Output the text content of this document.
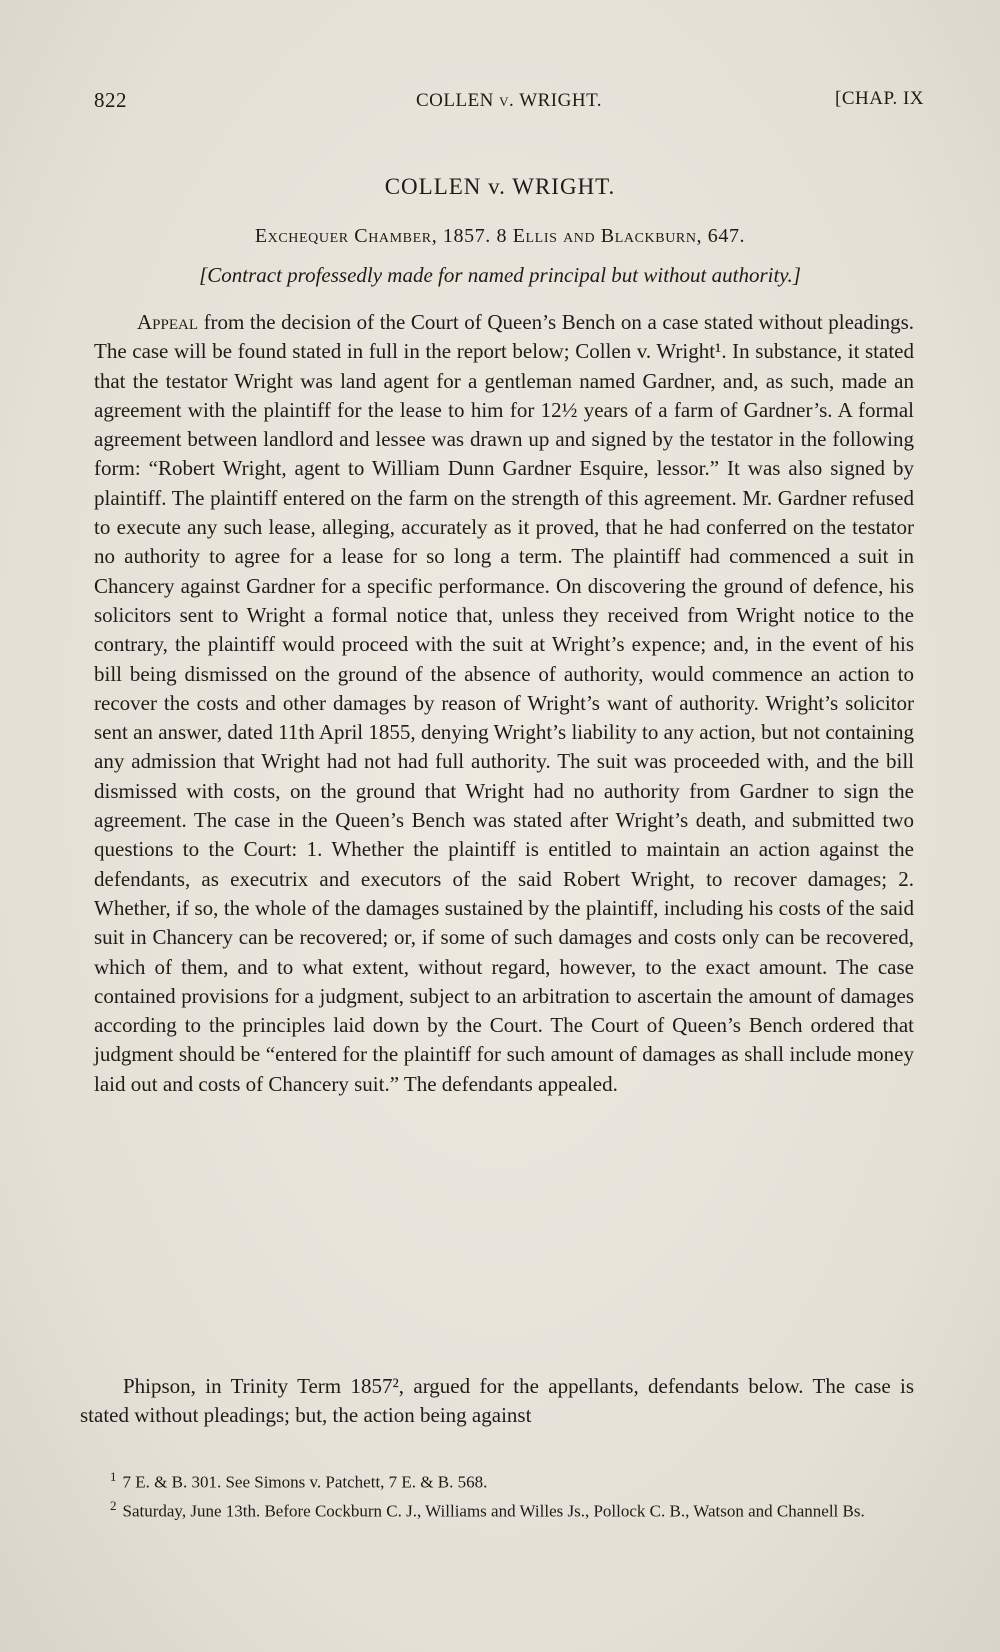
822	COLLEN v. WRIGHT.	[CHAP. IX
COLLEN v. WRIGHT.
Exchequer Chamber, 1857. 8 Ellis and Blackburn, 647.
[Contract professedly made for named principal but without authority.]

Appeal from the decision of the Court of Queen’s Bench on a case stated without pleadings. The case will be found stated in full in the report below; Collen v. Wright¹. In substance, it stated that the testator Wright was land agent for a gentleman named Gardner, and, as such, made an agreement with the plaintiff for the lease to him for 12½ years of a farm of Gardner’s. A formal agreement between landlord and lessee was drawn up and signed by the testator in the following form: “Robert Wright, agent to William Dunn Gardner Esquire, lessor.” It was also signed by plaintiff. The plaintiff entered on the farm on the strength of this agreement. Mr. Gardner refused to execute any such lease, alleging, accurately as it proved, that he had conferred on the testator no authority to agree for a lease for so long a term. The plaintiff had commenced a suit in Chancery against Gardner for a specific performance. On discovering the ground of defence, his solicitors sent to Wright a formal notice that, unless they received from Wright notice to the contrary, the plaintiff would proceed with the suit at Wright’s expence; and, in the event of his bill being dismissed on the ground of the absence of authority, would commence an action to recover the costs and other damages by reason of Wright’s want of authority. Wright’s solicitor sent an answer, dated 11th April 1855, denying Wright’s liability to any action, but not containing any admission that Wright had not had full authority. The suit was proceeded with, and the bill dismissed with costs, on the ground that Wright had no authority from Gardner to sign the agreement. The case in the Queen’s Bench was stated after Wright’s death, and submitted two questions to the Court: 1. Whether the plaintiff is entitled to maintain an action against the defendants, as executrix and executors of the said Robert Wright, to recover damages; 2. Whether, if so, the whole of the damages sustained by the plaintiff, including his costs of the said suit in Chancery can be recovered; or, if some of such damages and costs only can be recovered, which of them, and to what extent, without regard, however, to the exact amount. The case contained provisions for a judgment, subject to an arbitration to ascertain the amount of damages according to the principles laid down by the Court. The Court of Queen’s Bench ordered that judgment should be “entered for the plaintiff for such amount of damages as shall include money laid out and costs of Chancery suit.” The defendants appealed.

Phipson, in Trinity Term 1857², argued for the appellants, defendants below. The case is stated without pleadings; but, the action being against

$^1$ 7 E. & B. 301. See Simons v. Patchett, 7 E. & B. 568.
$^2$ Saturday, June 13th. Before Cockburn C. J., Williams and Willes Js., Pollock C. B., Watson and Channell Bs.
